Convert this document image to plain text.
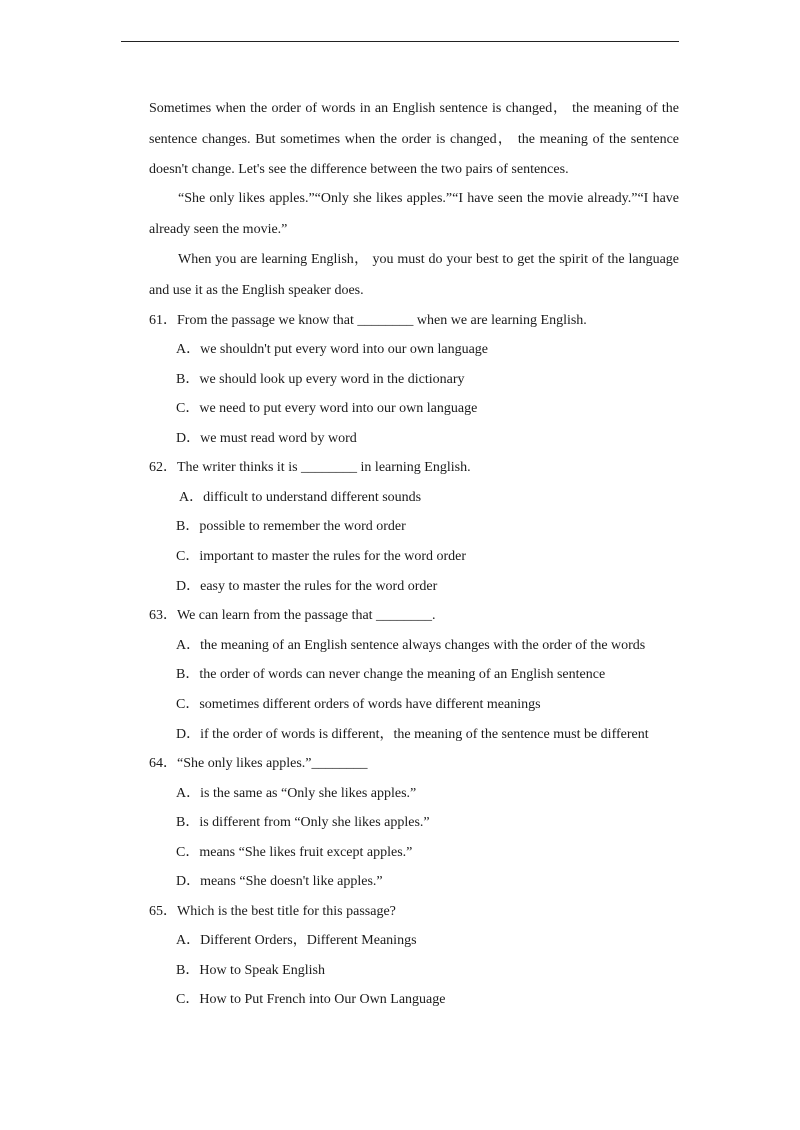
Sometimes when the order of words in an English sentence is changed， the meaning of the
sentence changes. But sometimes when the order is changed， the meaning of the sentence
doesn't change. Let's see the difference between the two pairs of sentences.
“She only likes apples.”“Only she likes apples.”“I have seen the movie already.”“I have
already seen the movie.”
When you are learning English， you must do your best to get the spirit of the language
and use it as the English speaker does.
61．From the passage we know that ________ when we are learning English.
A．we shouldn't put every word into our own language
B．we should look up every word in the dictionary
C．we need to put every word into our own language
D．we must read word by word
62．The writer thinks it is ________ in learning English.
A．difficult to understand different sounds
B．possible to remember the word order
C．important to master the rules for the word order
D．easy to master the rules for the word order
63．We can learn from the passage that ________.
A．the meaning of an English sentence always changes with the order of the words
B．the order of words can never change the meaning of an English sentence
C．sometimes different orders of words have different meanings
D．if the order of words is different，the meaning of the sentence must be different
64．“She only likes apples.”________
A．is the same as “Only she likes apples.”
B．is different from “Only she likes apples.”
C．means “She likes fruit except apples.”
D．means “She doesn't like apples.”
65．Which is the best title for this passage?
A．Different Orders，Different Meanings
B．How to Speak English
C．How to Put French into Our Own Language
